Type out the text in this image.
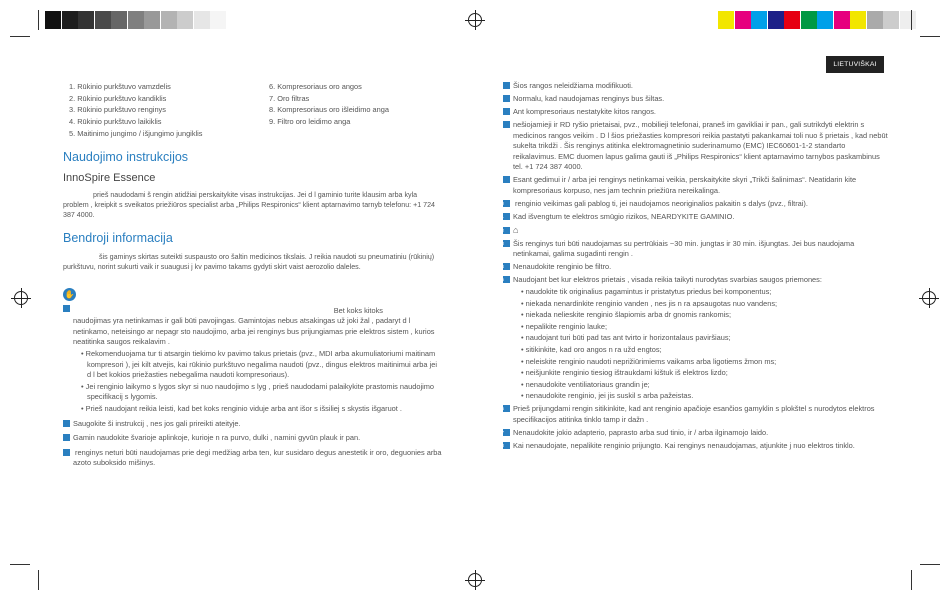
LIETUVIŠKAI
1. Rūkinio purkštuvo vamzdelis
2. Rūkinio purkštuvo kandiklis
3. Rūkinio purkštuvo renginys
4. Rūkinio purkštuvo laikiklis
5. Maitinimo jungimo / išjungimo jungiklis
6. Kompresoriaus oro angos
7. Oro filtras
8. Kompresoriaus oro išleidimo anga
9. Filtro oro leidimo anga
Naudojimo instrukcijos
InnoSpire Essence
prieš naudodami š rengin atidžiai perskaitykite visas instrukcijas. Jei d l gaminio turite klausim arba kyla problem , kreipkit s sveikatos priežiūros specialist arba „Philips Respironics“ klient aptarnavimo tarnyb telefonu: +1 724 387 4000.
Bendroji informacija
šis gaminys skirtas suteikti suspausto oro šaltin medicinos tikslais. J reikia naudoti su pneumatiniu (rūkinių) purkštuvu, norint sukurti vaik ir suaugusi j kv pavimo takams gydyti skirt vaist aerozolio daleles.
✋
1	Bet koks kitoks
naudojimas yra netinkamas ir gali būti pavojingas. Gamintojas nebus atsakingas už joki žal , padaryt d l netinkamo, neteisingo ar nepagr sto naudojimo, arba jei renginys bus prijungiamas prie elektros sistem , kurios neatitinka saugos reikalavim .
• Rekomenduojama tur ti atsargin tiekimo kv pavimo takus prietais (pvz., MDI arba akumuliatoriumi maitinam kompresori ), jei kilt atvejis, kai rūkinio purkštuvo negalima naudoti (pvz., dingus elektros maitinimui arba jei d l bet kokios priežasties nebegalima naudoti kompresoriaus).
• Jei renginio laikymo s lygos skyr si nuo naudojimo s lyg , prieš naudodami palaikykite prastomis naudojimo specifikacij s lygomis.
• Prieš naudojant reikia leisti, kad bet koks renginio viduje arba ant išor s išsiliej s skystis išgaruot .
2 Saugokite ši instrukcij , nes jos gali prireikti ateityje.
3 Gamin naudokite švarioje aplinkoje, kurioje n ra purvo, dulki , namini gyvūn plauk ir pan.
4 renginys neturi būti naudojamas prie degi medžiag arba ten, kur susidaro degus anestetik ir oro, deguonies arba azoto suboksido mišinys.
5 Šios rangos neleidžiama modifikuoti.
6 Normalu, kad naudojamas renginys bus šiltas.
7 Ant kompresoriaus nestatykite kitos rangos.
8 nešiojamieji ir RD ryšio prietaisai, pvz., mobilieji telefonai, praneš im gavikliai ir pan., gali sutrikdyti elektrin s medicinos rangos veikim . D l šios priežasties kompresori reikia pastatyti pakankamai toli nuo š prietais , kad nebūt sukelta trikdži . Šis renginys atitinka elektromagnetinio suderinamumo (EMC) IEC60601-1-2 standarto reikalavimus. EMC duomen lapus galima gauti iš „Philips Respironics“ klient aptarnavimo tarnybos paskambinus tel. +1 724 387 4000.
9 Esant gedimui ir / arba jei renginys netinkamai veikia, perskaitykite skyri „Trikči šalinimas“. Neatidarin kite kompresoriaus korpuso, nes jam technin priežiūra nereikalinga.
10 renginio veikimas gali pablog ti, jei naudojamos neoriginalios pakaitin s dalys (pvz., filtrai).
11 Kad išvengtum te elektros smūgio rizikos, NEARDYKITE GAMINIO.
12 ⌂
13 Šis renginys turi būti naudojamas su pertrūkiais ~30 min. jungtas ir 30 min. išjungtas. Jei bus naudojama netinkamai, galima sugadinti rengin .
14 Nenaudokite renginio be filtro.
15 Naudojant bet kur elektros prietais , visada reikia taikyti nurodytas svarbias saugos priemones:
• naudokite tik originalius pagamintus ir pristatytus priedus bei komponentus;
• niekada nenardinkite renginio vanden , nes jis n ra apsaugotas nuo vandens;
• niekada nelieskite renginio šlapiomis arba dr gnomis rankomis;
• nepalikite renginio lauke;
• naudojant turi būti pad tas ant tvirto ir horizontalaus paviršiaus;
• sitikinkite, kad oro angos n ra užd engtos;
• neleiskite renginio naudoti neprižiūrimiems vaikams arba ligotiems žmon ms;
• neišjunkite renginio tiesiog ištraukdami kištuk iš elektros lizdo;
• nenaudokite ventiliatoriaus grandin je;
• nenaudokite renginio, jei jis suskil s arba pažeistas.
16 Prieš prijungdami rengin sitikinkite, kad ant renginio apačioje esančios gamyklin s plokštel s nurodytos elektros specifikacijos atitinka tinklo tamp ir dažn .
17 Nenaudokite jokio adapterio, paprasto arba sud tinio, ir / arba ilginamojo laido.
18 Kai nenaudojate, nepalikite renginio prijungto. Kai renginys nenaudojamas, atjunkite j nuo elektros tinklo.
